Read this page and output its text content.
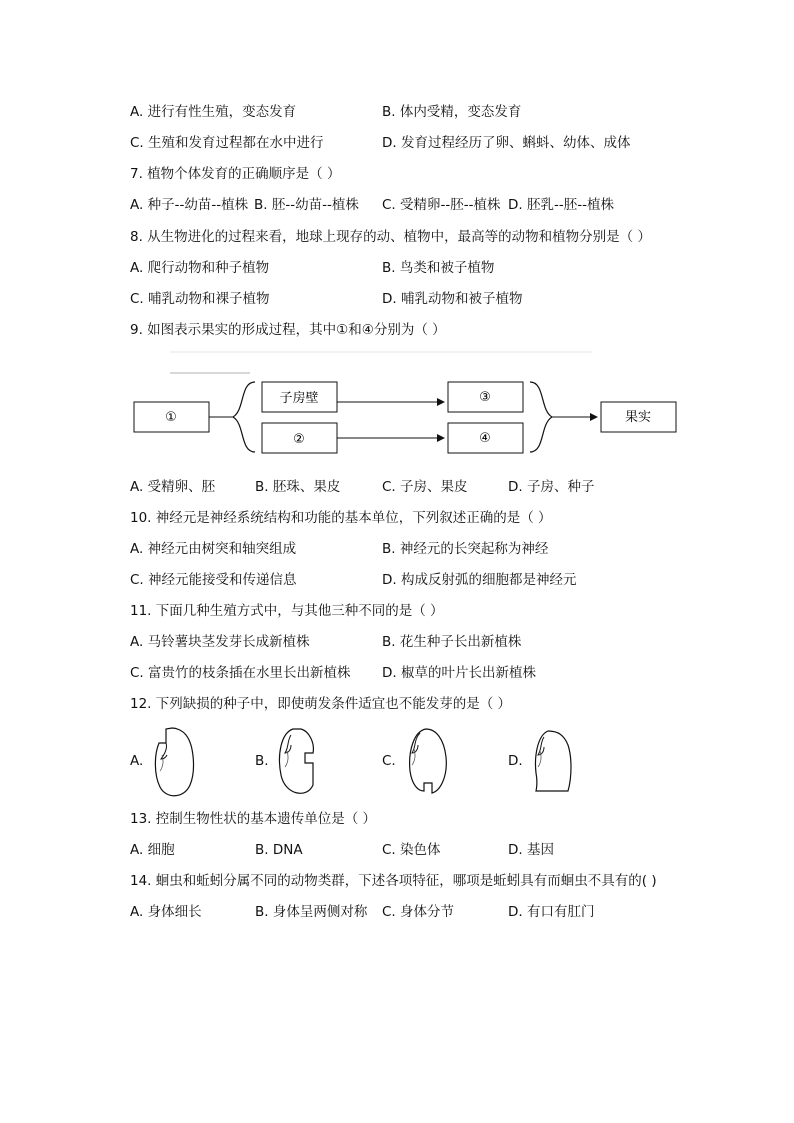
A. 进行有性生殖，变态发育	B. 体内受精，变态发育
C. 生殖和发育过程都在水中进行	D. 发育过程经历了卵、蝌蚪、幼体、成体
7. 植物个体发育的正确顺序是（ ）
A. 种子--幼苗--植株 B. 胚--幼苗--植株 C. 受精卵--胚--植株 D. 胚乳--胚--植株
8. 从生物进化的过程来看，地球上现存的动、植物中，最高等的动物和植物分别是（ ）
A. 爬行动物和种子植物	B. 鸟类和被子植物
C. 哺乳动物和裸子植物	D. 哺乳动物和被子植物
9. 如图表示果实的形成过程，其中①和④分别为（ ）
①
子房壁
②
③
④
果实
A. 受精卵、胚	B. 胚珠、果皮	C. 子房、果皮	D. 子房、种子
10. 神经元是神经系统结构和功能的基本单位，下列叙述正确的是（ ）
A. 神经元由树突和轴突组成	B. 神经元的长突起称为神经
C. 神经元能接受和传递信息	D. 构成反射弧的细胞都是神经元
11. 下面几种生殖方式中，与其他三种不同的是（ ）
A. 马铃薯块茎发芽长成新植株	B. 花生种子长出新植株
C. 富贵竹的枝条插在水里长出新植株 D. 椒草的叶片长出新植株
12. 下列缺损的种子中，即使萌发条件适宜也不能发芽的是（ ）
A.	B.	C.	D.
13. 控制生物性状的基本遗传单位是（ ）
A. 细胞	B. DNA	C. 染色体	D. 基因
14. 蛔虫和蚯蚓分属不同的动物类群，下述各项特征，哪项是蚯蚓具有而蛔虫不具有的( )
A. 身体细长	B. 身体呈两侧对称 C. 身体分节	D. 有口有肛门
